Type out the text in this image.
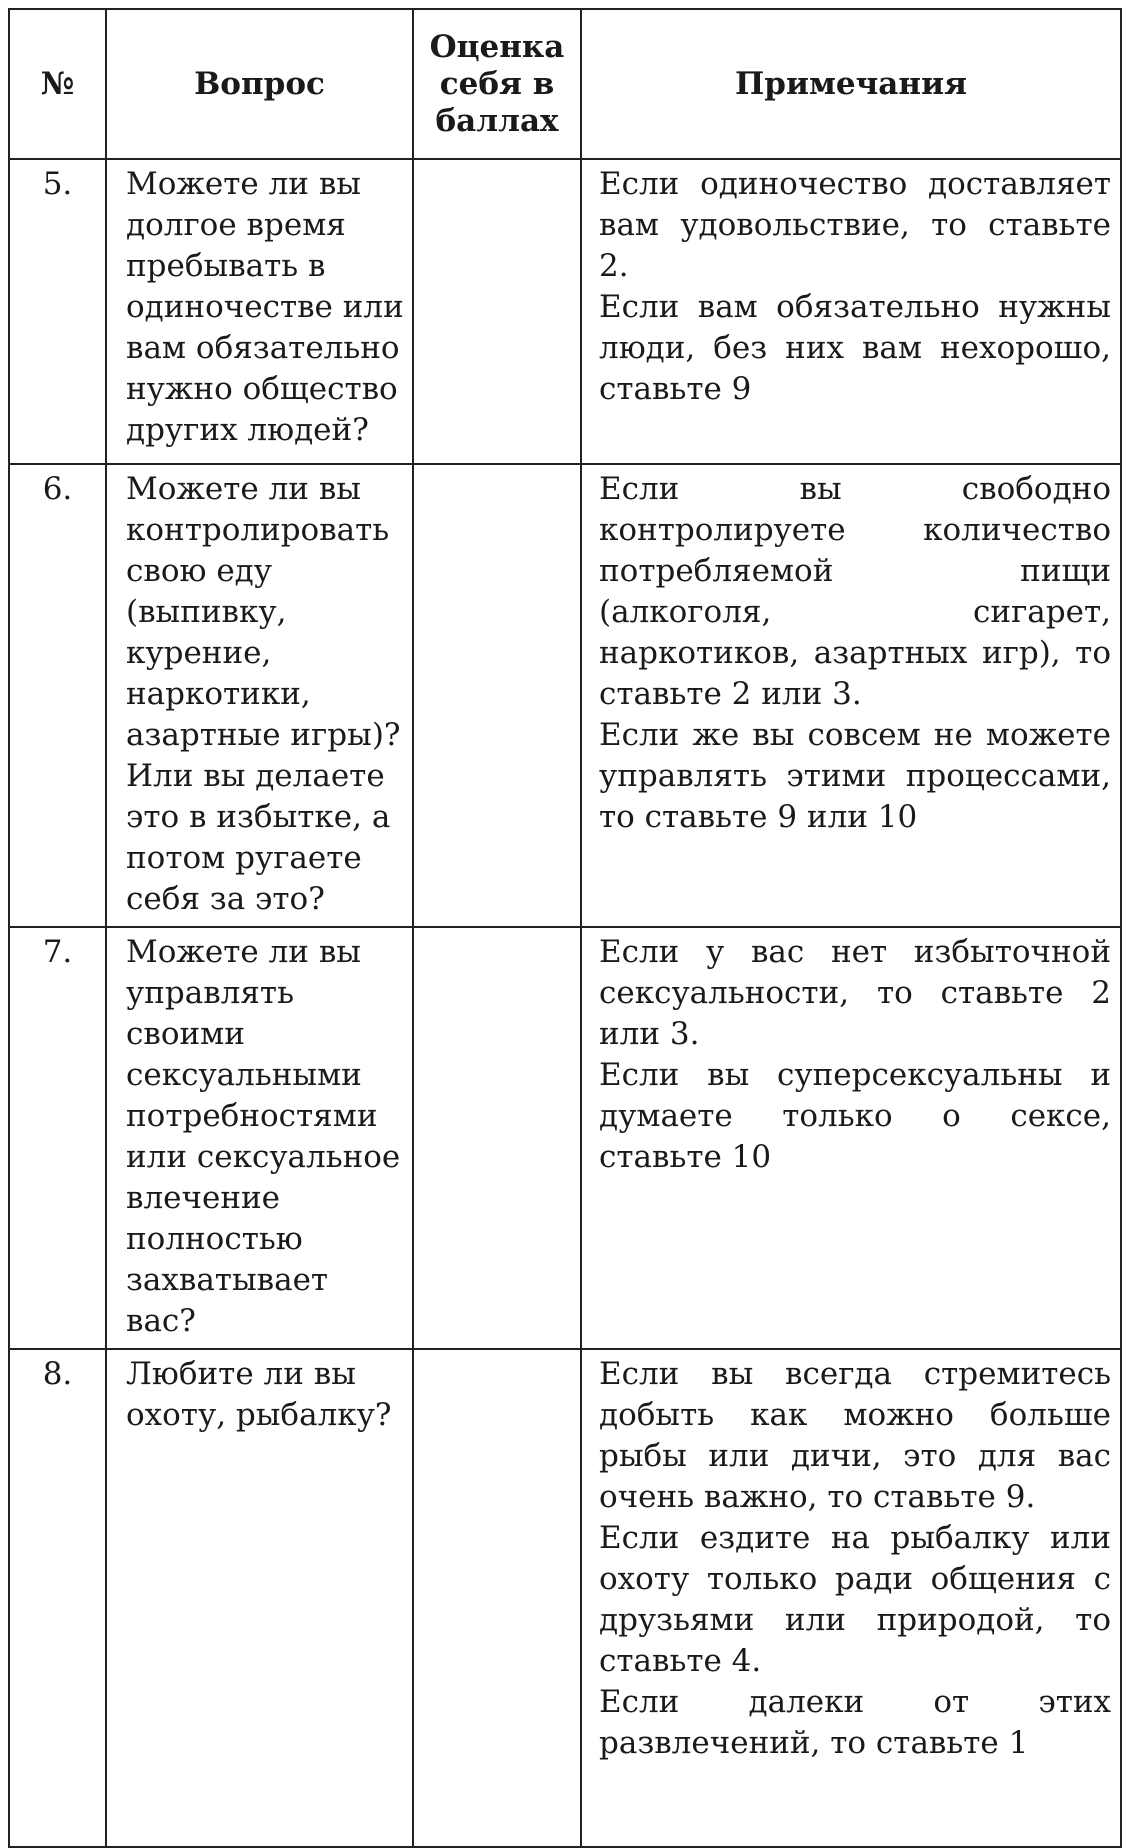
№	Вопрос	Оценка себя в баллах	Примечания
5.	Можете ли вы долгое время пребывать в одиночестве или вам обязательно нужно общество других людей?		Если одиночество доставляет вам удовольствие, то ставьте 2.
Если вам обязательно нужны люди, без них вам нехорошо, ставьте 9

6.	Можете ли вы контролировать свою еду (выпивку, курение, наркотики, азартные игры)? Или вы делаете это в избытке, а потом ругаете себя за это?		Если вы свободно контролируете количество потребляемой пищи (алкоголя, сигарет, наркотиков, азартных игр), то ставьте 2 или 3.
Если же вы совсем не можете управлять этими процессами, то ставьте 9 или 10

7.	Можете ли вы управлять своими сексуальными потребностями или сексуальное влечение полностью захватывает вас?		Если у вас нет избыточной сексуальности, то ставьте 2 или 3.
Если вы суперсексуальны и думаете только о сексе, ставьте 10

8.	Любите ли вы охоту, рыбалку?		Если вы всегда стремитесь добыть как можно больше рыбы или дичи, это для вас очень важно, то ставьте 9.
Если ездите на рыбалку или охоту только ради общения с друзьями или природой, то ставьте 4.
Если далеки от этих развлечений, то ставьте 1
